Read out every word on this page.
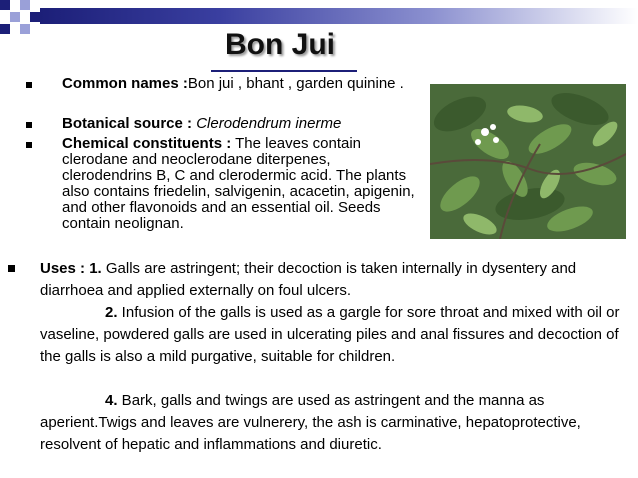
Bon Jui
Common names :Bon jui , bhant , garden quinine .
Botanical source : Clerodendrum inerme
Chemical constituents : The leaves contain clerodane and neoclerodane diterpenes, clerodendrins B, C and clerodermic acid. The plants also contains friedelin, salvigenin, acacetin, apigenin, and other flavonoids and an essential oil. Seeds contain neolignan.
Uses : 1. Galls are astringent; their decoction is taken internally in dysentery and diarrhoea and applied externally on foul ulcers.
2. Infusion of the galls is used as a gargle for sore throat and mixed with oil or vaseline, powdered galls are used in ulcerating piles and anal fissures and decoction of the galls is also a mild purgative, suitable for children.
4. Bark, galls and twings are used as astringent and the manna as aperient.Twigs and leaves are vulnerery, the ash is carminative, hepatoprotective, resolvent of hepatic and inflammations and diuretic.
